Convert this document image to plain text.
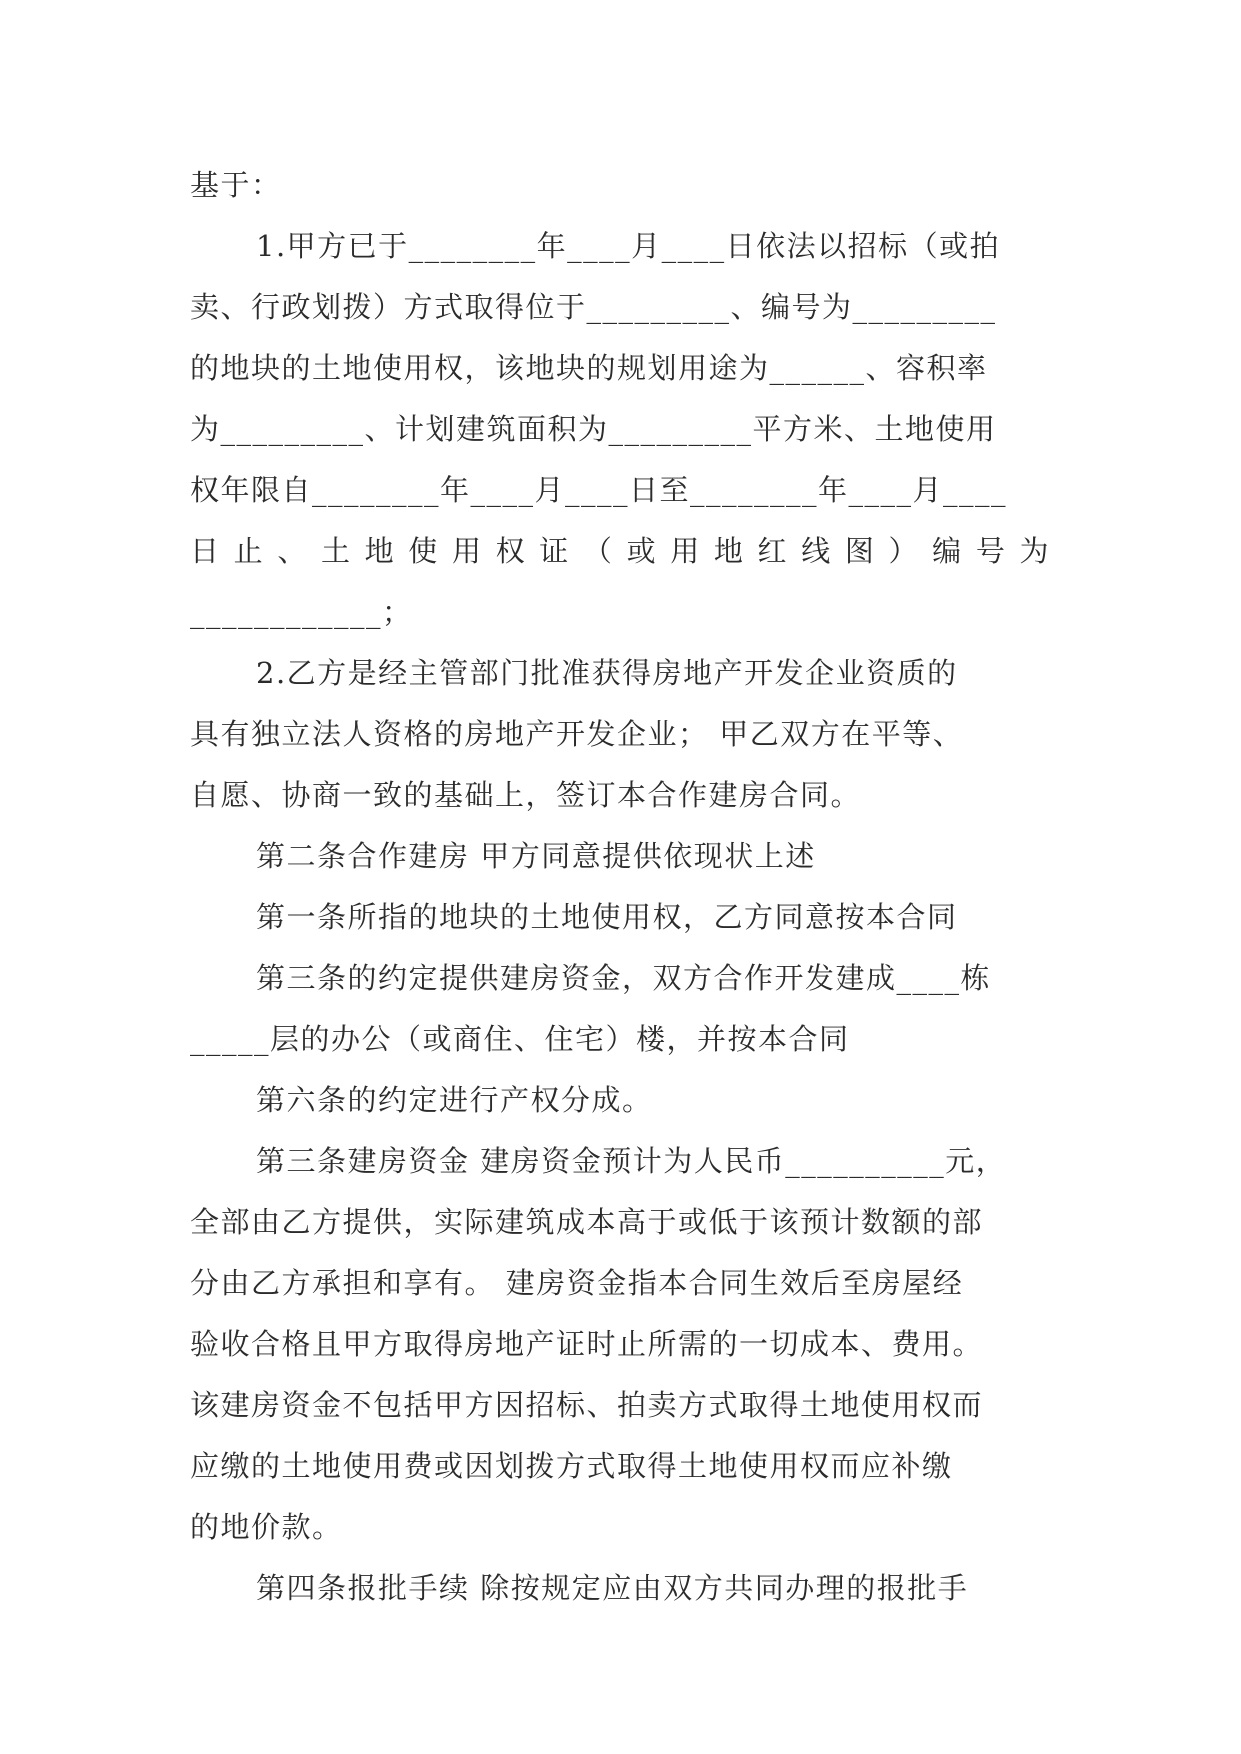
基于：
1.甲方已于________年____月____日依法以招标（或拍
卖、行政划拨）方式取得位于_________、编号为_________
的地块的土地使用权，该地块的规划用途为______、容积率
为_________、计划建筑面积为_________平方米、土地使用
权年限自________年____月____日至________年____月____
日 止 、 土 地 使 用 权 证 （ 或 用 地 红 线 图 ） 编 号 为
____________；
2.乙方是经主管部门批准获得房地产开发企业资质的
具有独立法人资格的房地产开发企业； 甲乙双方在平等、
自愿、协商一致的基础上，签订本合作建房合同。
第二条合作建房 甲方同意提供依现状上述
第一条所指的地块的土地使用权，乙方同意按本合同
第三条的约定提供建房资金，双方合作开发建成____栋
_____层的办公（或商住、住宅）楼，并按本合同
第六条的约定进行产权分成。
第三条建房资金 建房资金预计为人民币__________元，
全部由乙方提供，实际建筑成本高于或低于该预计数额的部
分由乙方承担和享有。 建房资金指本合同生效后至房屋经
验收合格且甲方取得房地产证时止所需的一切成本、费用。
该建房资金不包括甲方因招标、拍卖方式取得土地使用权而
应缴的土地使用费或因划拨方式取得土地使用权而应补缴
的地价款。
第四条报批手续 除按规定应由双方共同办理的报批手
